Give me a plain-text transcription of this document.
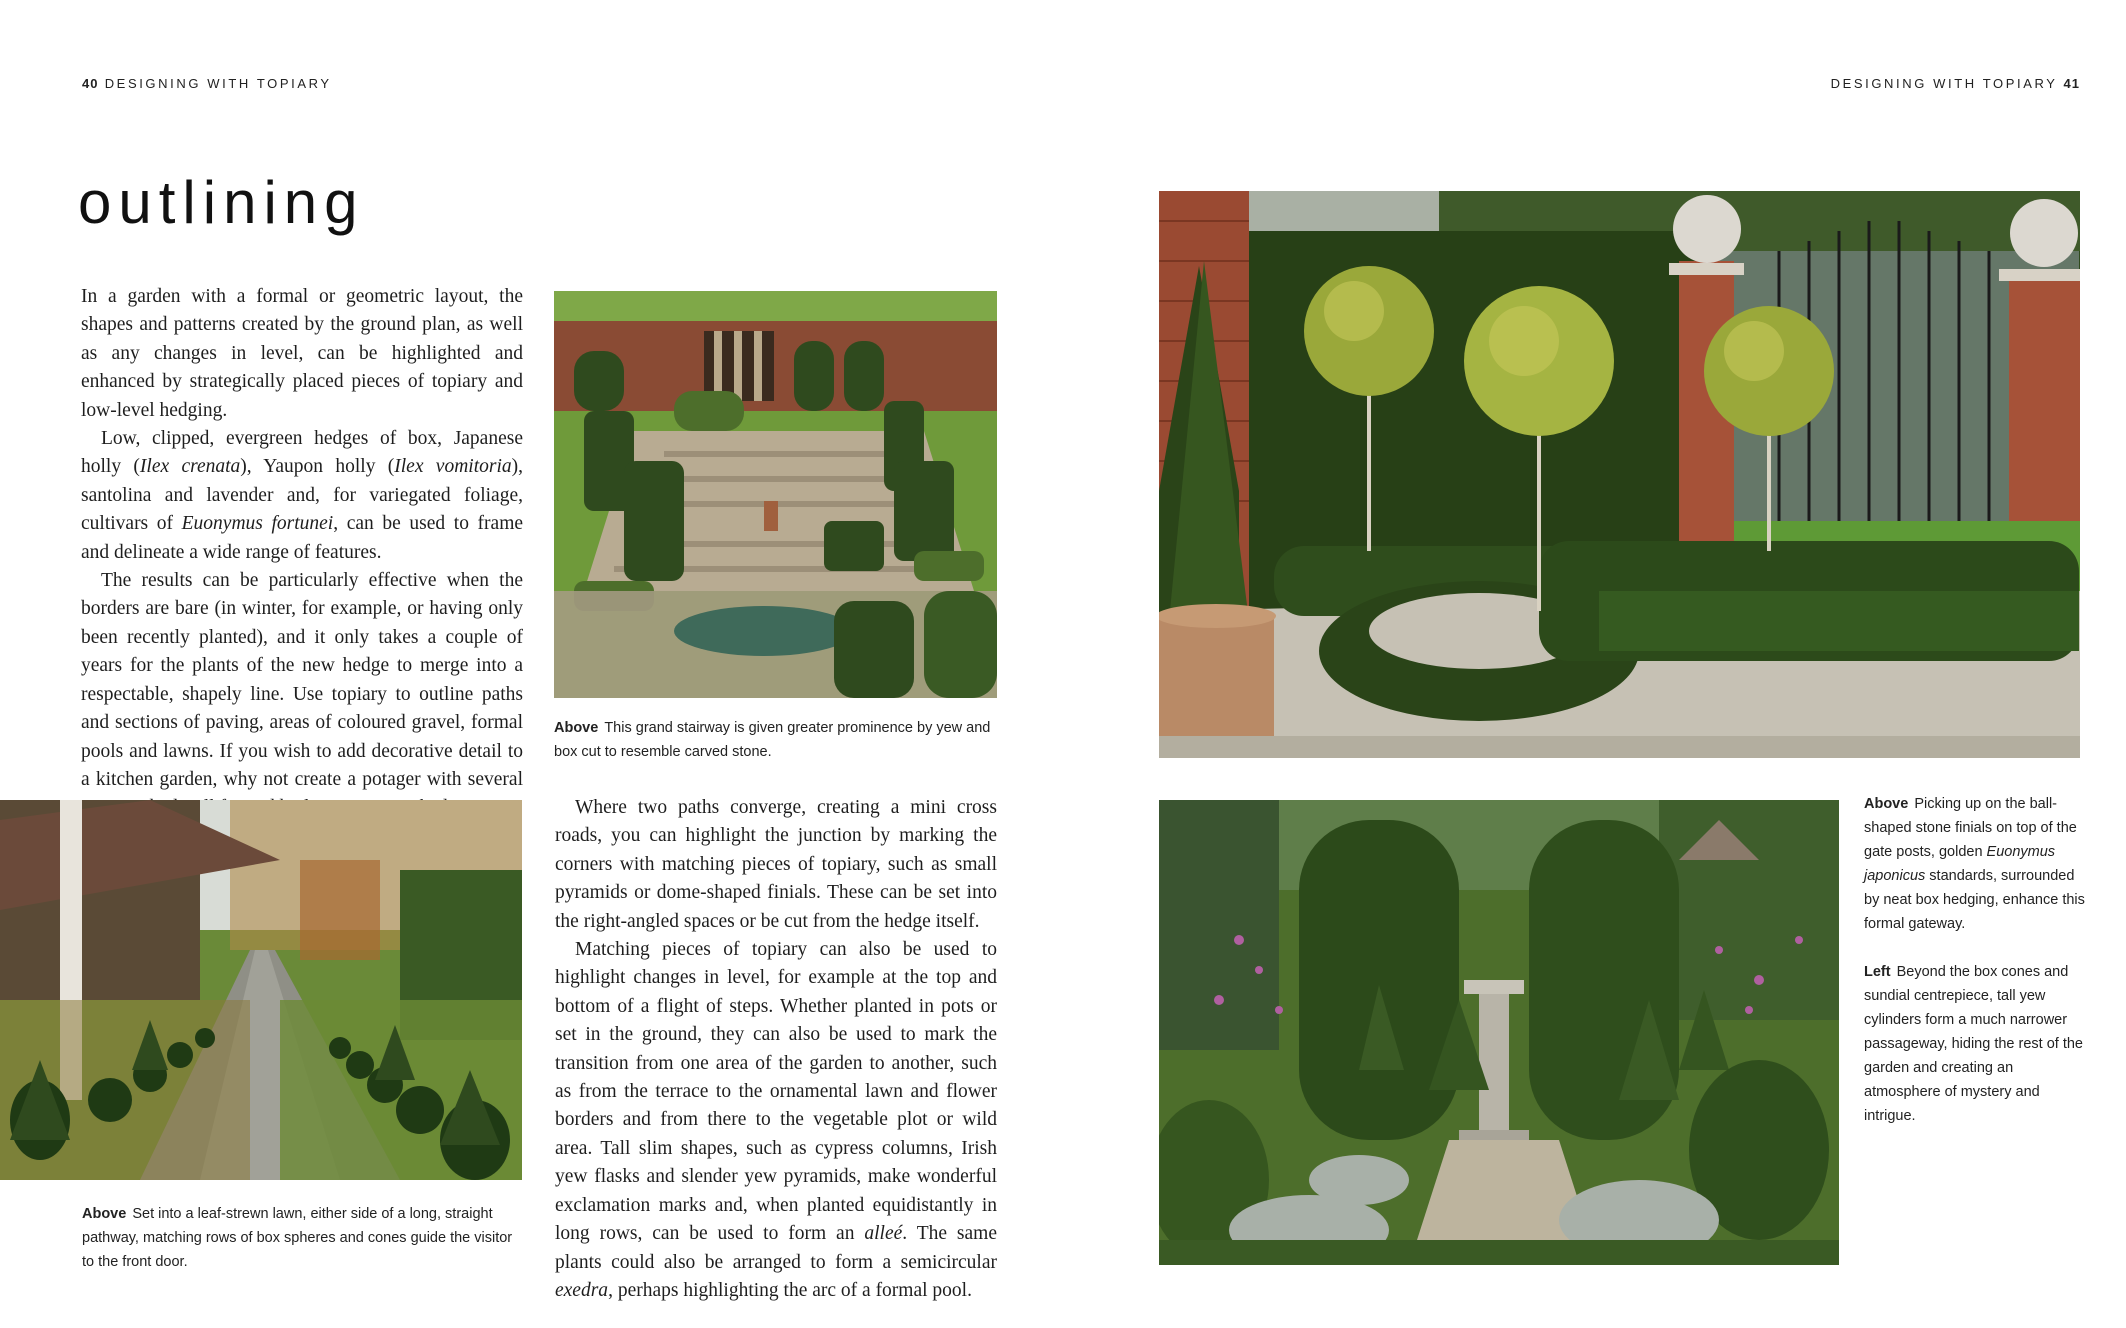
40 DESIGNING WITH TOPIARY	DESIGNING WITH TOPIARY 41
outlining

In a garden with a formal or geometric layout, the shapes and patterns created by the ground plan, as well as any changes in level, can be highlighted and enhanced by strategically placed pieces of topiary and low-level hedging.

Low, clipped, evergreen hedges of box, Japanese holly (Ilex crenata), Yaupon holly (Ilex vomitoria), santolina and lavender and, for variegated foliage, cultivars of Euonymus fortunei, can be used to frame and delineate a wide range of features.

The results can be particularly effective when the borders are bare (in winter, for example, or having only been recently planted), and it only takes a couple of years for the plants of the new hedge to merge into a respectable, shapely line. Use topiary to outline paths and sections of paving, areas of coloured gravel, formal pools and lawns. If you wish to add decorative detail to a kitchen garden, why not create a potager with several

Above This grand stairway is given greater prominence by yew and box cut to resemble carved stone.

Above Set into a leaf-strewn lawn, either side of a long, straight pathway, matching rows of box spheres and cones guide the visitor to the front door.

Where two paths converge, creating a mini cross roads, you can highlight the junction by marking the corners with matching pieces of topiary, such as small pyramids or dome-shaped finials. These can be set into the right-angled spaces or be cut from the hedge itself.

Matching pieces of topiary can also be used to highlight changes in level, for example at the top and bottom of a flight of steps. Whether planted in pots or set in the ground, they can also be used to mark the transition from one area of the garden to another, such as from the terrace to the ornamental lawn and flower borders and from there to the vegetable plot or wild area. Tall slim shapes, such as cypress columns, Irish yew flasks and slender yew pyramids, make wonderful exclamation marks and, when planted equidistantly in long rows, can be used to form an alleé. The same plants could also be arranged to form a semicircular exedra, perhaps highlighting the arc of a formal pool.

Above Picking up on the ball-shaped stone finials on top of the gate posts, golden Euonymus japonicus standards, surrounded by neat box hedging, enhance this formal gateway.

Left Beyond the box cones and sundial centrepiece, tall yew cylinders form a much narrower passageway, hiding the rest of the garden and creating an atmosphere of mystery and intrigue.
